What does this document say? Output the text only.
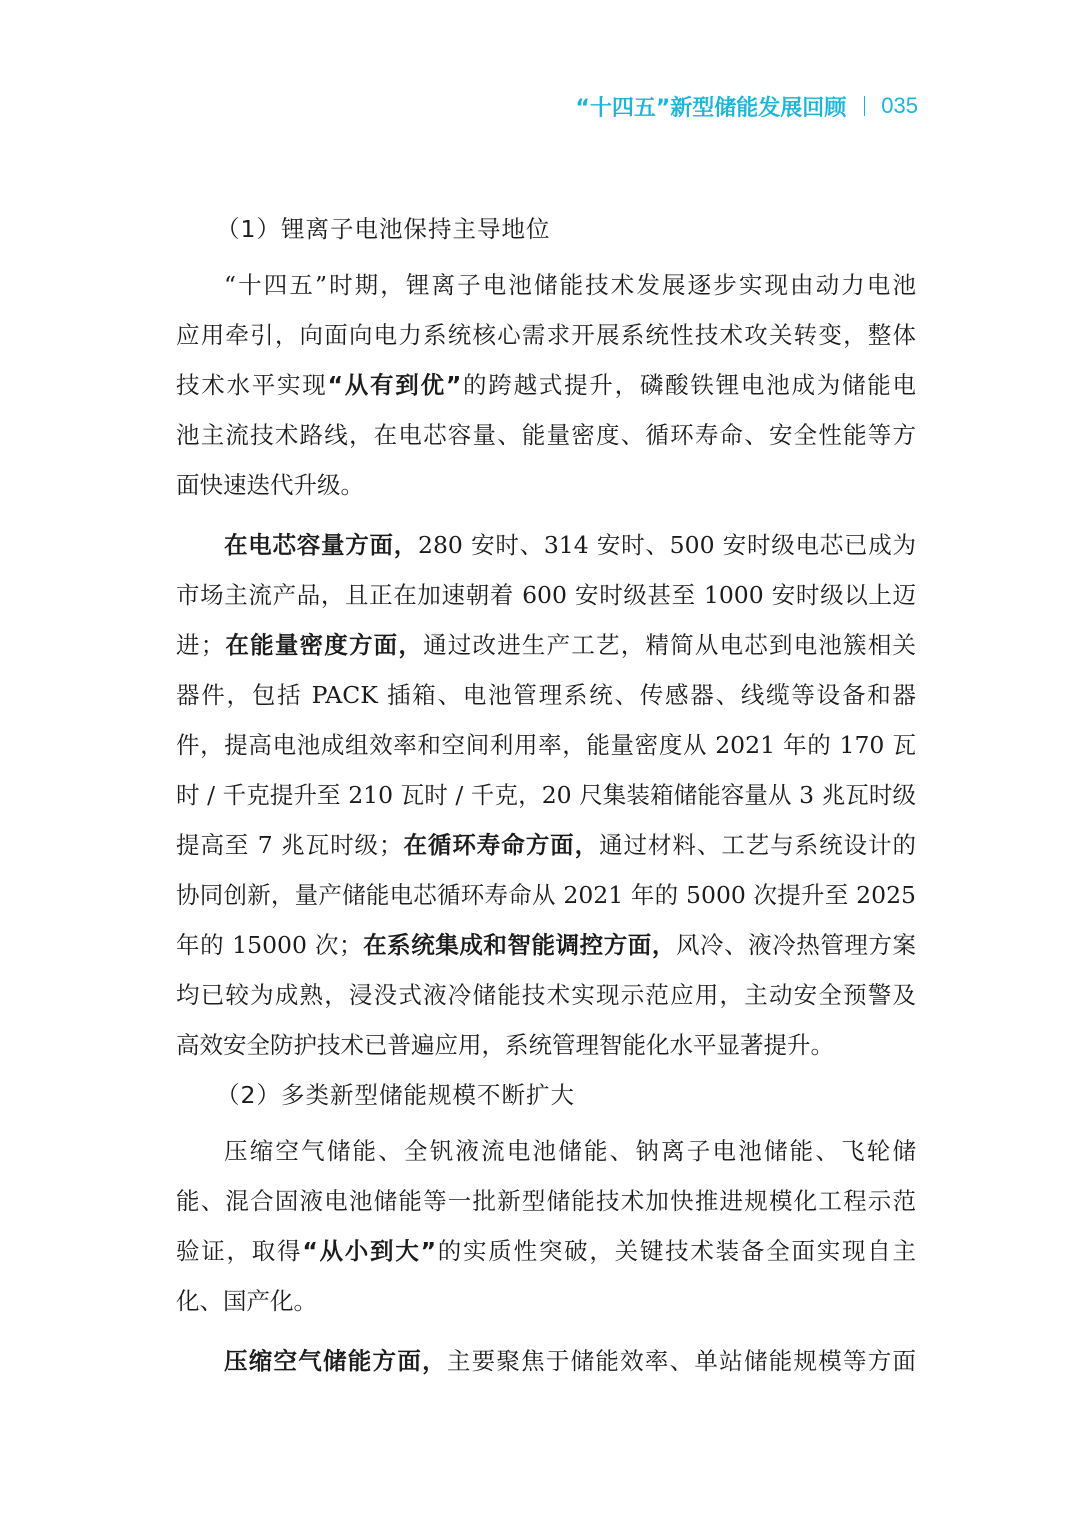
“十四五”新型储能发展回顾 035
（1）锂离子电池保持主导地位
“十四五”时期，锂离子电池储能技术发展逐步实现由动力电池
应用牵引，向面向电力系统核心需求开展系统性技术攻关转变，整体
技术水平实现“从有到优”的跨越式提升，磷酸铁锂电池成为储能电
池主流技术路线，在电芯容量、能量密度、循环寿命、安全性能等方
面快速迭代升级。
在电芯容量方面，280 安时、314 安时、500 安时级电芯已成为
市场主流产品，且正在加速朝着 600 安时级甚至 1000 安时级以上迈
进；在能量密度方面，通过改进生产工艺，精简从电芯到电池簇相关
器件，包括 PACK 插箱、电池管理系统、传感器、线缆等设备和器
件，提高电池成组效率和空间利用率，能量密度从 2021 年的 170 瓦
时 / 千克提升至 210 瓦时 / 千克，20 尺集装箱储能容量从 3 兆瓦时级
提高至 7 兆瓦时级；在循环寿命方面，通过材料、工艺与系统设计的
协同创新，量产储能电芯循环寿命从 2021 年的 5000 次提升至 2025
年的 15000 次；在系统集成和智能调控方面，风冷、液冷热管理方案
均已较为成熟，浸没式液冷储能技术实现示范应用，主动安全预警及
高效安全防护技术已普遍应用，系统管理智能化水平显著提升。
（2）多类新型储能规模不断扩大
压缩空气储能、全钒液流电池储能、钠离子电池储能、飞轮储
能、混合固液电池储能等一批新型储能技术加快推进规模化工程示范
验证，取得“从小到大”的实质性突破，关键技术装备全面实现自主
化、国产化。
压缩空气储能方面，主要聚焦于储能效率、单站储能规模等方面
